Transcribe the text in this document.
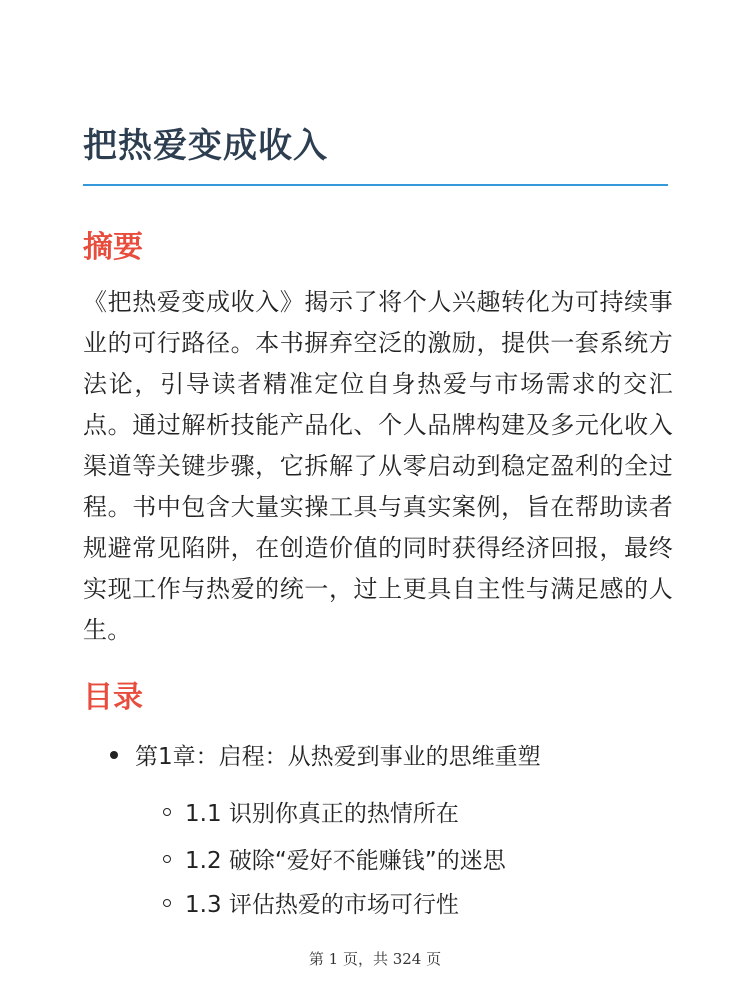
把热爱变成收入
摘要

《把热爱变成收入》揭示了将个人兴趣转化为可持续事业的可行路径。本书摒弃空泛的激励，提供一套系统方法论，引导读者精准定位自身热爱与市场需求的交汇点。通过解析技能产品化、个人品牌构建及多元化收入渠道等关键步骤，它拆解了从零启动到稳定盈利的全过程。书中包含大量实操工具与真实案例，旨在帮助读者规避常见陷阱，在创造价值的同时获得经济回报，最终实现工作与热爱的统一，过上更具自主性与满足感的人生。

目录
第1章：启程：从热爱到事业的思维重塑
1.1 识别你真正的热情所在
1.2 破除“爱好不能赚钱”的迷思
1.3 评估热爱的市场可行性
第 1 页，共 324 页
